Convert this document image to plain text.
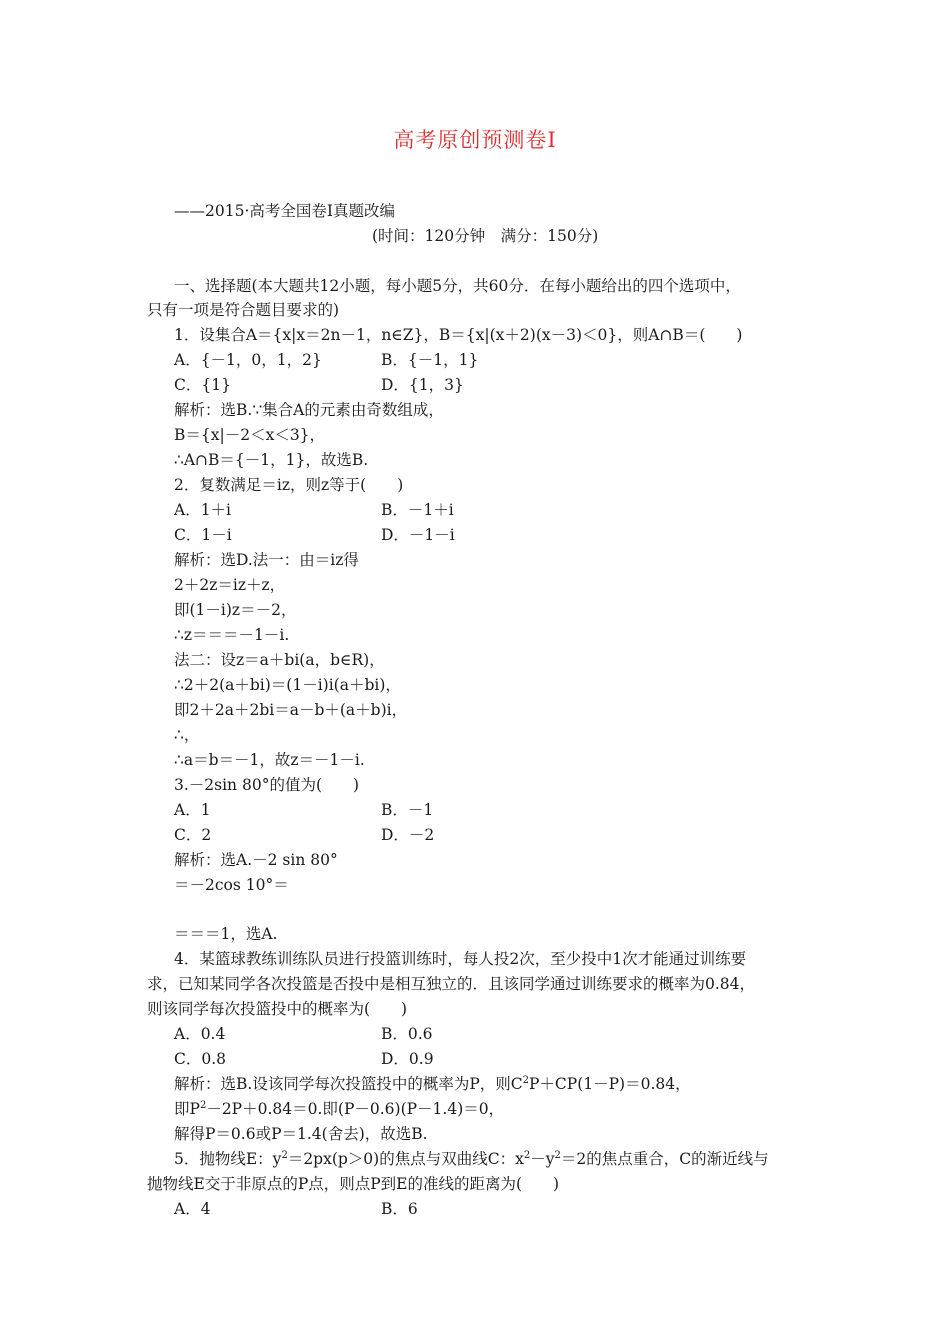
高考原创预测卷Ⅰ
——2015·高考全国卷Ⅰ真题改编
(时间：120分钟　满分：150分)
一、选择题(本大题共12小题，每小题5分，共60分．在每小题给出的四个选项中，
只有一项是符合题目要求的)
1．设集合A＝{x|x＝2n－1，n∈Z}，B＝{x|(x＋2)(x－3)＜0}，则A∩B＝(　　)
A．{－1，0，1，2}	B．{－1，1}
C．{1}	D．{1，3}
解析：选B.∵集合A的元素由奇数组成，
B＝{x|－2＜x＜3}，
∴A∩B＝{－1，1}，故选B.
2．复数满足＝iz，则z等于(　　)
A．1＋i	B．－1＋i
C．1－i	D．－1－i
解析：选D.法一：由＝iz得
2＋2z＝iz＋z，
即(1－i)z＝－2，
∴z＝＝＝－1－i.
法二：设z＝a＋bi(a，b∈R)，
∴2＋2(a＋bi)＝(1－i)i(a＋bi)，
即2＋2a＋2bi＝a－b＋(a＋b)i，
∴，
∴a＝b＝－1，故z＝－1－i.
3.－2sin 80°的值为(　　)
A．1	B．－1
C．2	D．－2
解析：选A.－2 sin 80°
＝－2cos 10°＝
＝＝＝1，选A.
4．某篮球教练训练队员进行投篮训练时，每人投2次，至少投中1次才能通过训练要
求，已知某同学各次投篮是否投中是相互独立的．且该同学通过训练要求的概率为0.84，
则该同学每次投篮投中的概率为(　　)
A．0.4	B．0.6
C．0.8	D．0.9
解析：选B.设该同学每次投篮投中的概率为P，则$C^2P+CP(1-P)=0.84$，
即$P^2-2P+0.84=0$.即(P－0.6)(P－1.4)＝0，
解得P＝0.6或P＝1.4(舍去)，故选B.
5．抛物线E：$y^2=2px(p>0)$的焦点与双曲线C：$x^2-y^2=2$的焦点重合，C的渐近线与
抛物线E交于非原点的P点，则点P到E的准线的距离为(　　)
A．4	B．6
